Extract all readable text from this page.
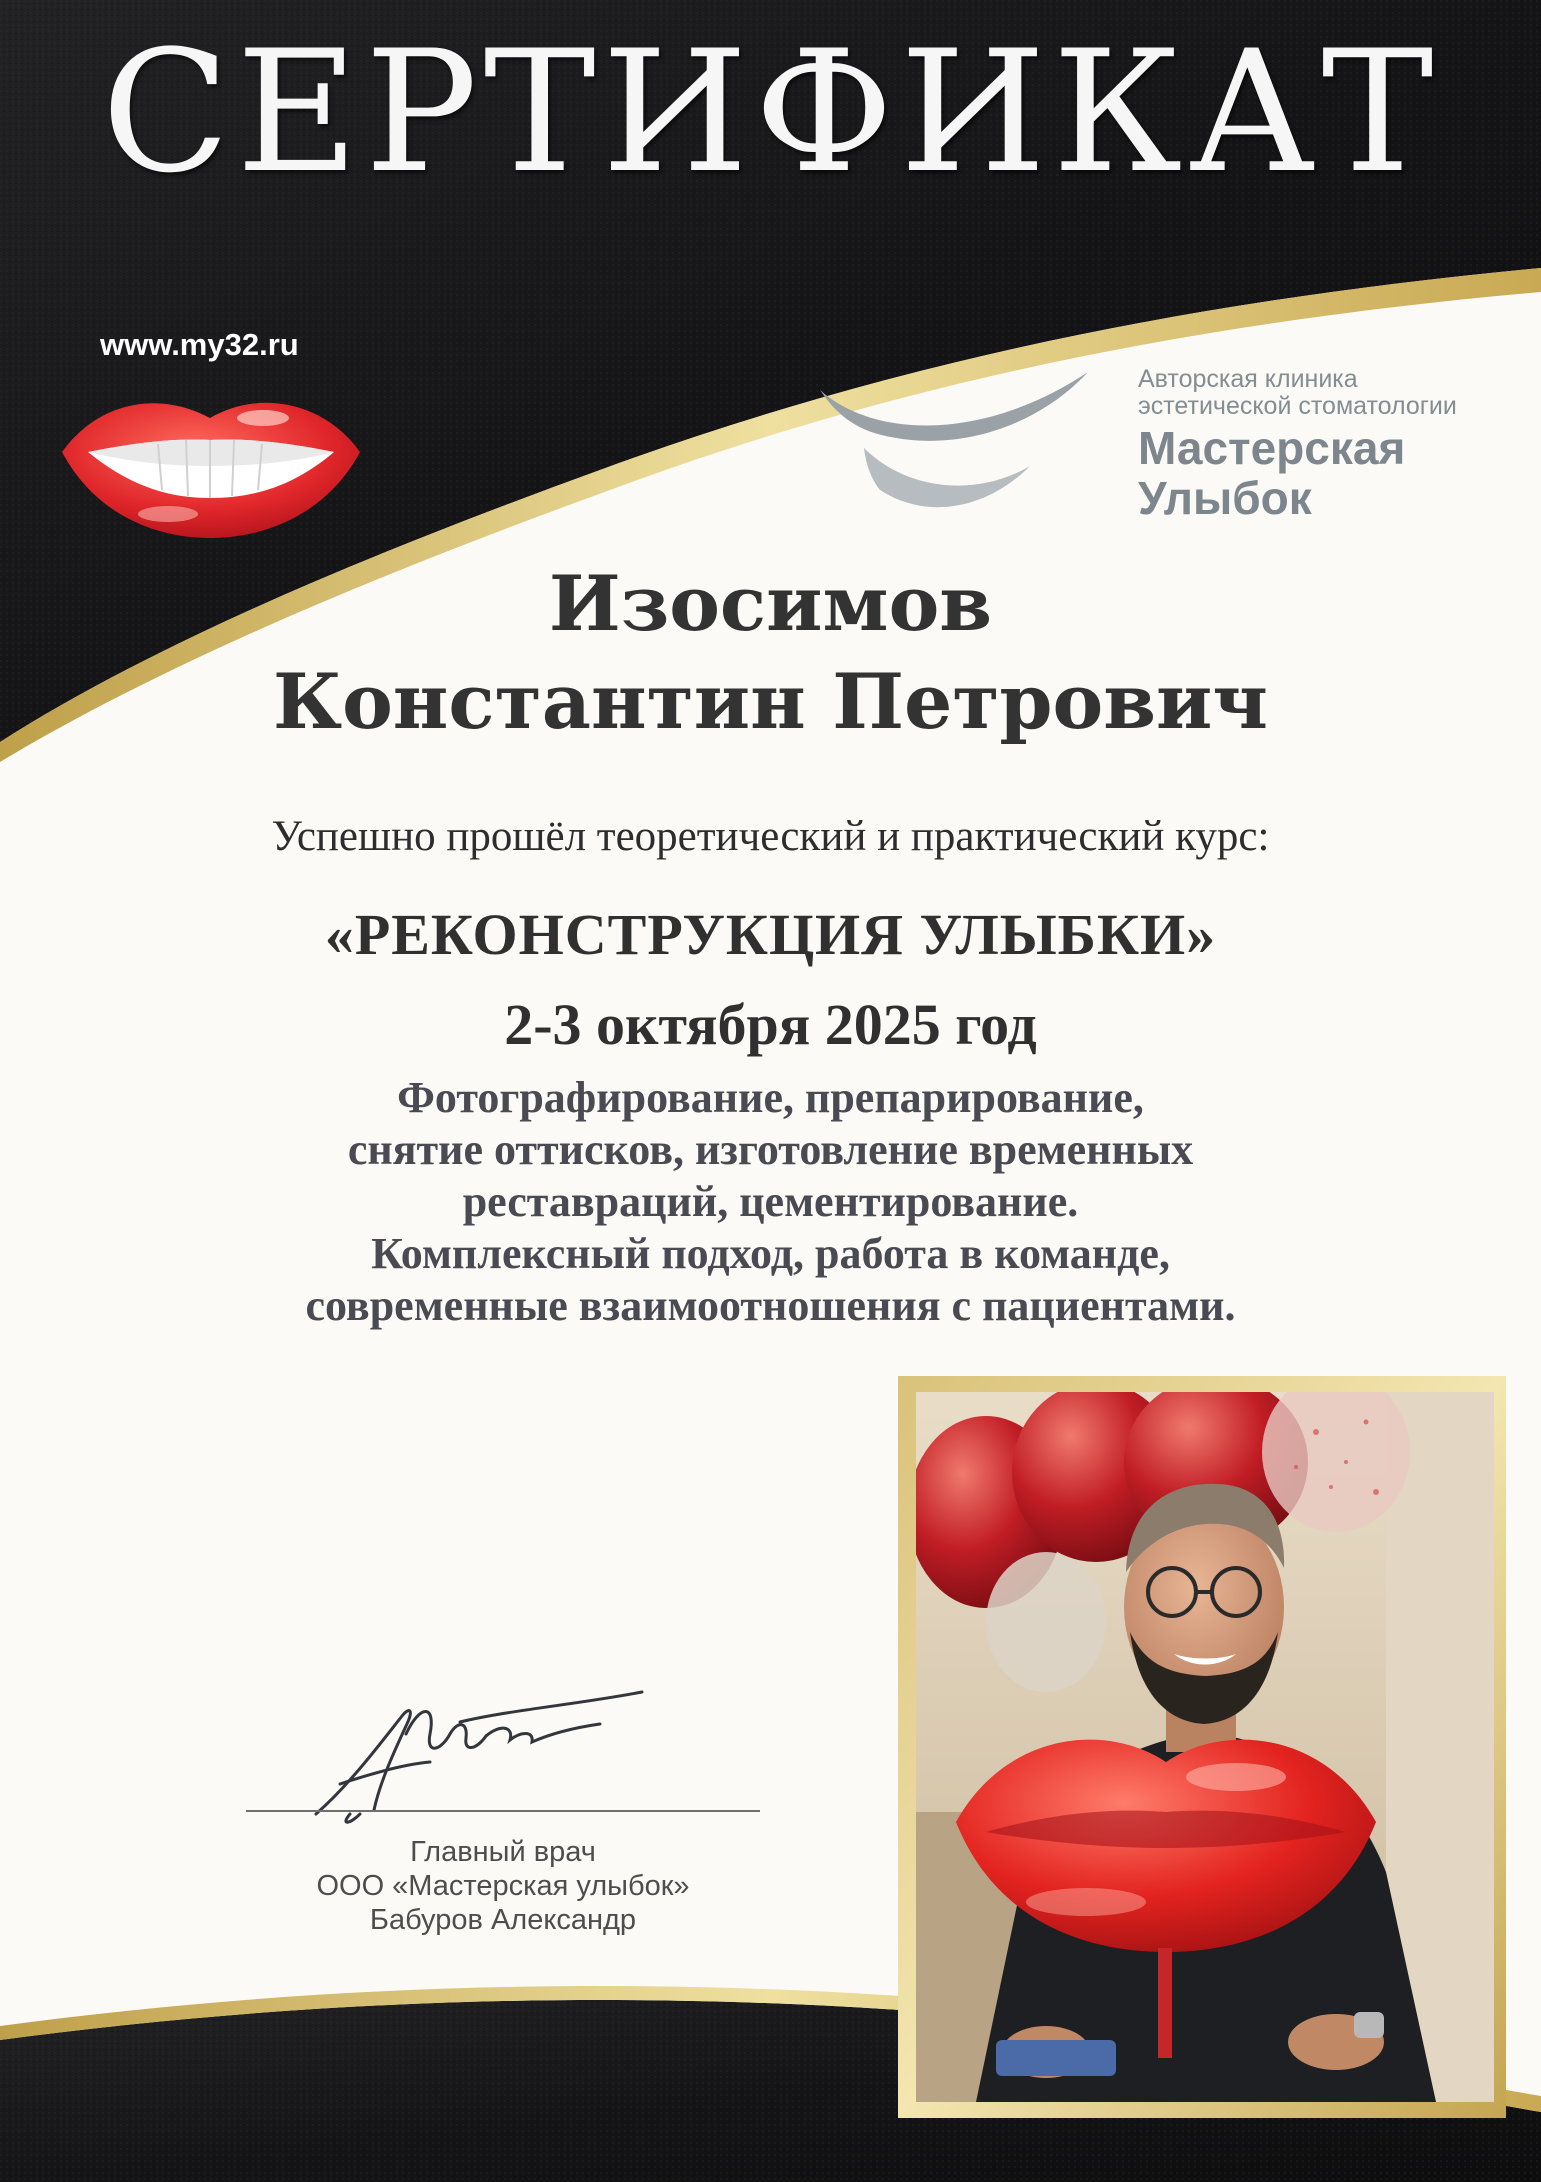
СЕРТИФИКАТ
www.my32.ru
Авторская клиника
эстетической стоматологии
Мастерская
Улыбок
Изосимов
Константин Петрович
Успешно прошёл теоретический и практический курс:
«РЕКОНСТРУКЦИЯ УЛЫБКИ»
2-3 октября 2025 год
Фотографирование, препарирование,
снятие оттисков, изготовление временных
реставраций, цементирование.
Комплексный подход, работа в команде,
современные взаимоотношения с пациентами.
Главный врач
ООО «Мастерская улыбок»
Бабуров Александр
